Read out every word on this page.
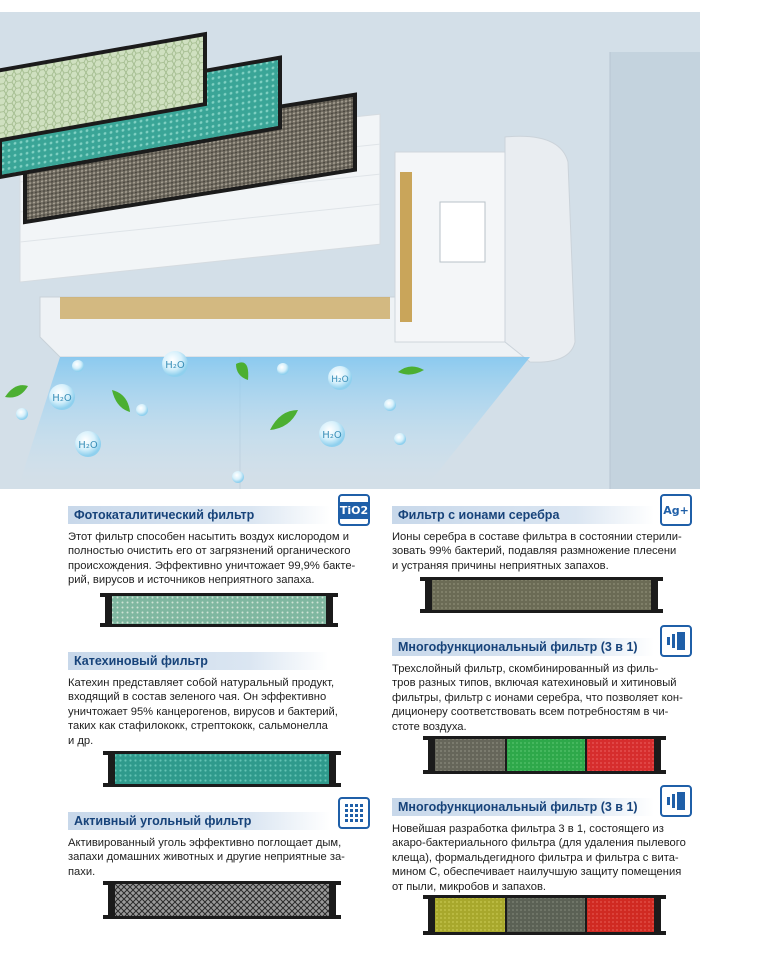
H₂O
H₂O
H₂O
H₂O
H₂O
Фотокаталитический фильтр
Этот фильтр способен насытить воздух кислородом и
полностью очистить его от загрязнений органического
происхождения. Эффективно уничтожает 99,9% бакте-
рий, вирусов и источников неприятного запаха.
TiO2
Катехиновый фильтр
Катехин представляет собой натуральный продукт,
входящий в состав зеленого чая. Он эффективно
уничтожает 95% канцерогенов, вирусов и бактерий,
таких как стафилококк, стрептококк, сальмонелла
и др.
Активный угольный фильтр
Активированный уголь эффективно поглощает дым,
запахи домашних животных и другие неприятные за-
пахи.
Фильтр с ионами серебра
Ионы серебра в составе фильтра в состоянии стерили-
зовать 99% бактерий, подавляя размножение плесени
и устраняя причины неприятных запахов.
Ag+
Многофункциональный фильтр (3 в 1)
Трехслойный фильтр, скомбинированный из филь-
тров разных типов, включая катехиновый и хитиновый
фильтры, фильтр с ионами серебра, что позволяет кон-
диционеру соответствовать всем потребностям в чи-
стоте воздуха.
Многофункциональный фильтр (3 в 1)
Новейшая разработка фильтра 3 в 1, состоящего из
акаро-бактериального фильтра (для удаления пылевого
клеща), формальдегидного фильтра и фильтра с вита-
мином С, обеспечивает наилучшую защиту помещения
от пыли, микробов и запахов.
